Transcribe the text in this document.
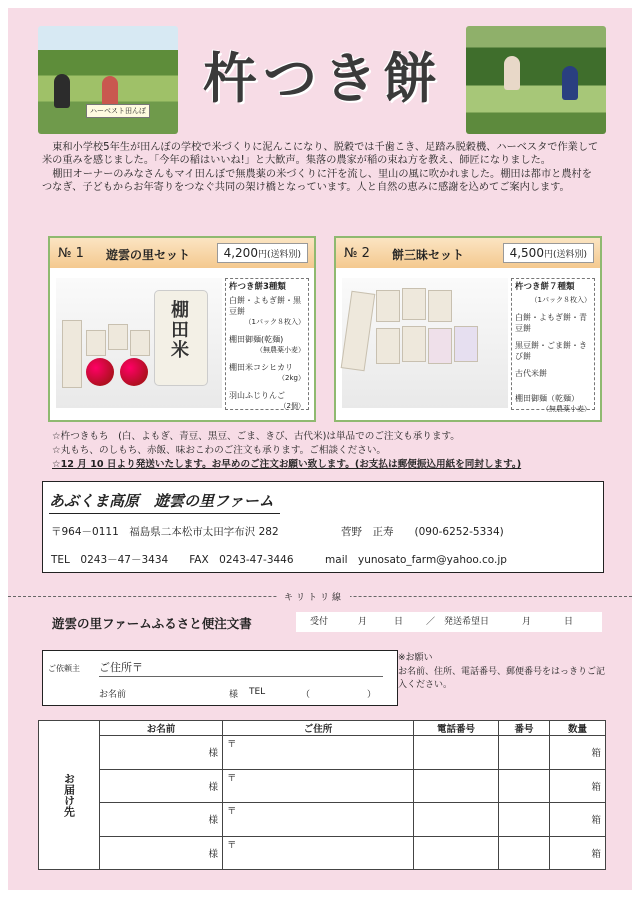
ハーベスト田んぼ
杵つき餅

東和小学校5年生が田んぼの学校で米づくりに泥んこになり、脱穀では千歯こき、足踏み脱穀機、ハーベスタで作業して米の重みを感じました。「今年の稲はいいね!」と大歓声。集落の農家が稲の束ね方を教え、師匠になりました。

棚田オーナーのみなさんもマイ田んぼで無農薬の米づくりに汗を流し、里山の風に吹かれました。棚田は都市と農村をつなぎ、子どもからお年寄りをつなぐ共同の架け橋となっています。人と自然の恵みに感謝を込めてご案内します。

№ 1 遊雲の里セット	4,200円(送料別)
棚田米
杵つき餅3種類
白餅・よもぎ餅・黒豆餅
（1パック８枚入）
棚田御麺(乾麺)
（無農薬小麦）
棚田米コシヒカリ
（2kg）
羽山ふじりんご
（2個）
№ 2 餅三昧セット	4,500円(送料別)
杵つき餅７種類
（1パック８枚入）
白餅・よもぎ餅・青豆餅
黒豆餅・ごま餅・きび餅
古代米餅
棚田御麺（乾麺）
（無農薬小麦）
☆杵つきもち　(白、よもぎ、青豆、黒豆、ごま、きび、古代米)は単品でのご注文も承ります。
☆丸もち、のしもち、赤飯、味おこわのご注文も承ります。ご相談ください。
☆12 月 10 日より発送いたします。お早めのご注文お願い致します。(お支払は郵便振込用紙を同封します。)
あぶくま高原　遊雲の里ファーム
〒964－0111　福島県二本松市太田字布沢 282	菅野　正寿　　(090-6252-5334)
TEL　0243－47－3434　　FAX　0243-47-3446　　　mail　yunosato_farm@yahoo.co.jp
キリトリ線
遊雲の里ファームふるさと便注文書	受付	月	日	／ 発送希望日	月	日
ご依頼主 ご住所〒
お名前	様 TEL	（　）
※お願い
お名前、住所、電話番号、郵便番号をはっきりご記入ください。
お届け先	お名前	ご住所	電話番号	番号	数量
	様	〒			箱
	様	〒			箱
	様	〒			箱
	様	〒			箱
